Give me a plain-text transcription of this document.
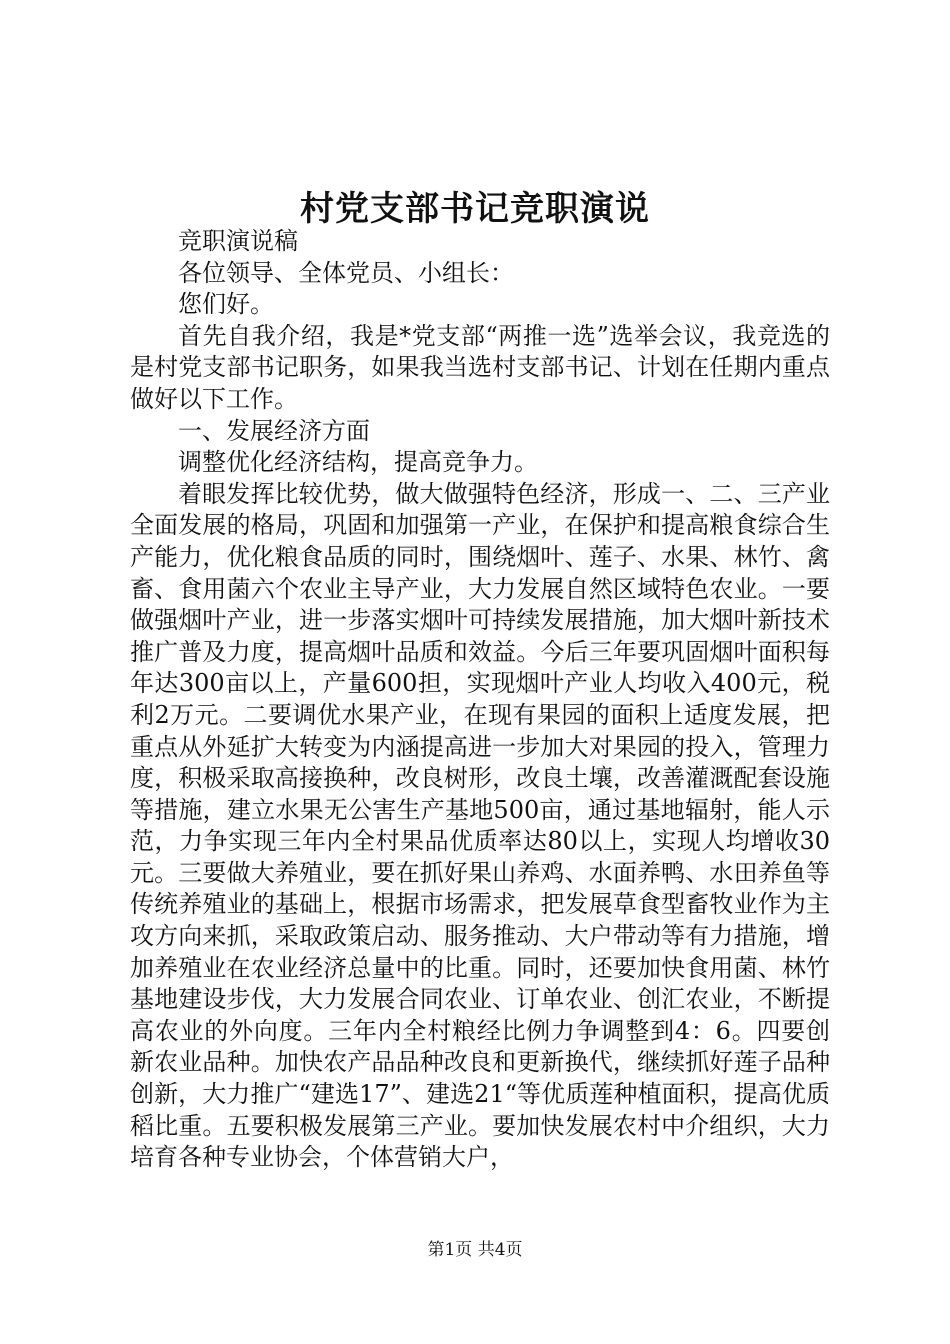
村党支部书记竞职演说

竞职演说稿

各位领导、全体党员、小组长：

您们好。

首先自我介绍，我是*党支部“两推一选”选举会议，我竞选的是村党支部书记职务，如果我当选村支部书记、计划在任期内重点做好以下工作。

一、发展经济方面

调整优化经济结构，提高竞争力。

着眼发挥比较优势，做大做强特色经济，形成一、二、三产业全面发展的格局，巩固和加强第一产业，在保护和提高粮食综合生产能力，优化粮食品质的同时，围绕烟叶、莲子、水果、林竹、禽畜、食用菌六个农业主导产业，大力发展自然区域特色农业。一要做强烟叶产业，进一步落实烟叶可持续发展措施，加大烟叶新技术推广普及力度，提高烟叶品质和效益。今后三年要巩固烟叶面积每年达300亩以上，产量600担，实现烟叶产业人均收入400元，税利2万元。二要调优水果产业，在现有果园的面积上适度发展，把重点从外延扩大转变为内涵提高进一步加大对果园的投入，管理力度，积极采取高接换种，改良树形，改良土壤，改善灌溉配套设施等措施，建立水果无公害生产基地500亩，通过基地辐射，能人示范，力争实现三年内全村果品优质率达80以上，实现人均增收30元。三要做大养殖业，要在抓好果山养鸡、水面养鸭、水田养鱼等传统养殖业的基础上，根据市场需求，把发展草食型畜牧业作为主攻方向来抓，采取政策启动、服务推动、大户带动等有力措施，增加养殖业在农业经济总量中的比重。同时，还要加快食用菌、林竹基地建设步伐，大力发展合同农业、订单农业、创汇农业，不断提高农业的外向度。三年内全村粮经比例力争调整到4：6。四要创新农业品种。加快农产品品种改良和更新换代，继续抓好莲子品种创新，大力推广“建选17”、建选21“等优质莲种植面积，提高优质稻比重。五要积极发展第三产业。要加快发展农村中介组织，大力培育各种专业协会，个体营销大户，

第1页 共4页
